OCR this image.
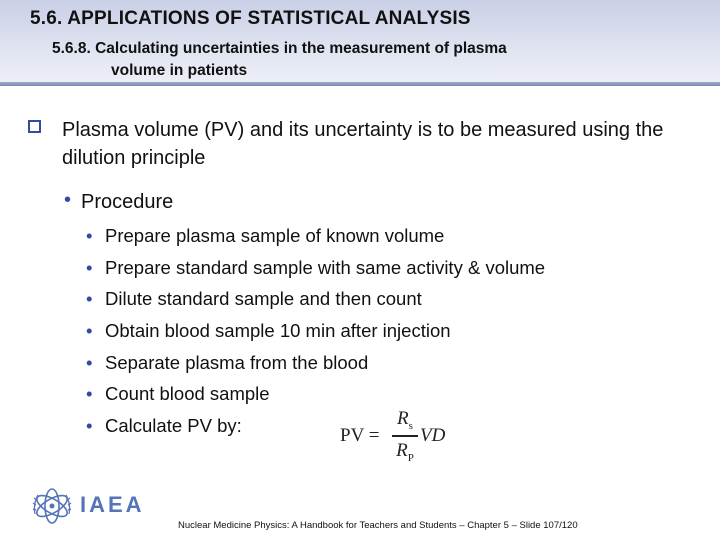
5.6. APPLICATIONS OF STATISTICAL ANALYSIS
5.6.8. Calculating uncertainties in the measurement of plasma
volume in patients
Plasma volume (PV) and its uncertainty is to be measured using the dilution principle
• Procedure
• Prepare plasma sample of known volume
• Prepare standard sample with same activity & volume
• Dilute standard sample and then count
• Obtain blood sample 10 min after injection
• Separate plasma from the blood
• Count blood sample
• Calculate PV by:	PV =
$R_s$
$R_P$
VD
IAEA
Nuclear Medicine Physics: A Handbook for Teachers and Students – Chapter 5 – Slide 107/120
